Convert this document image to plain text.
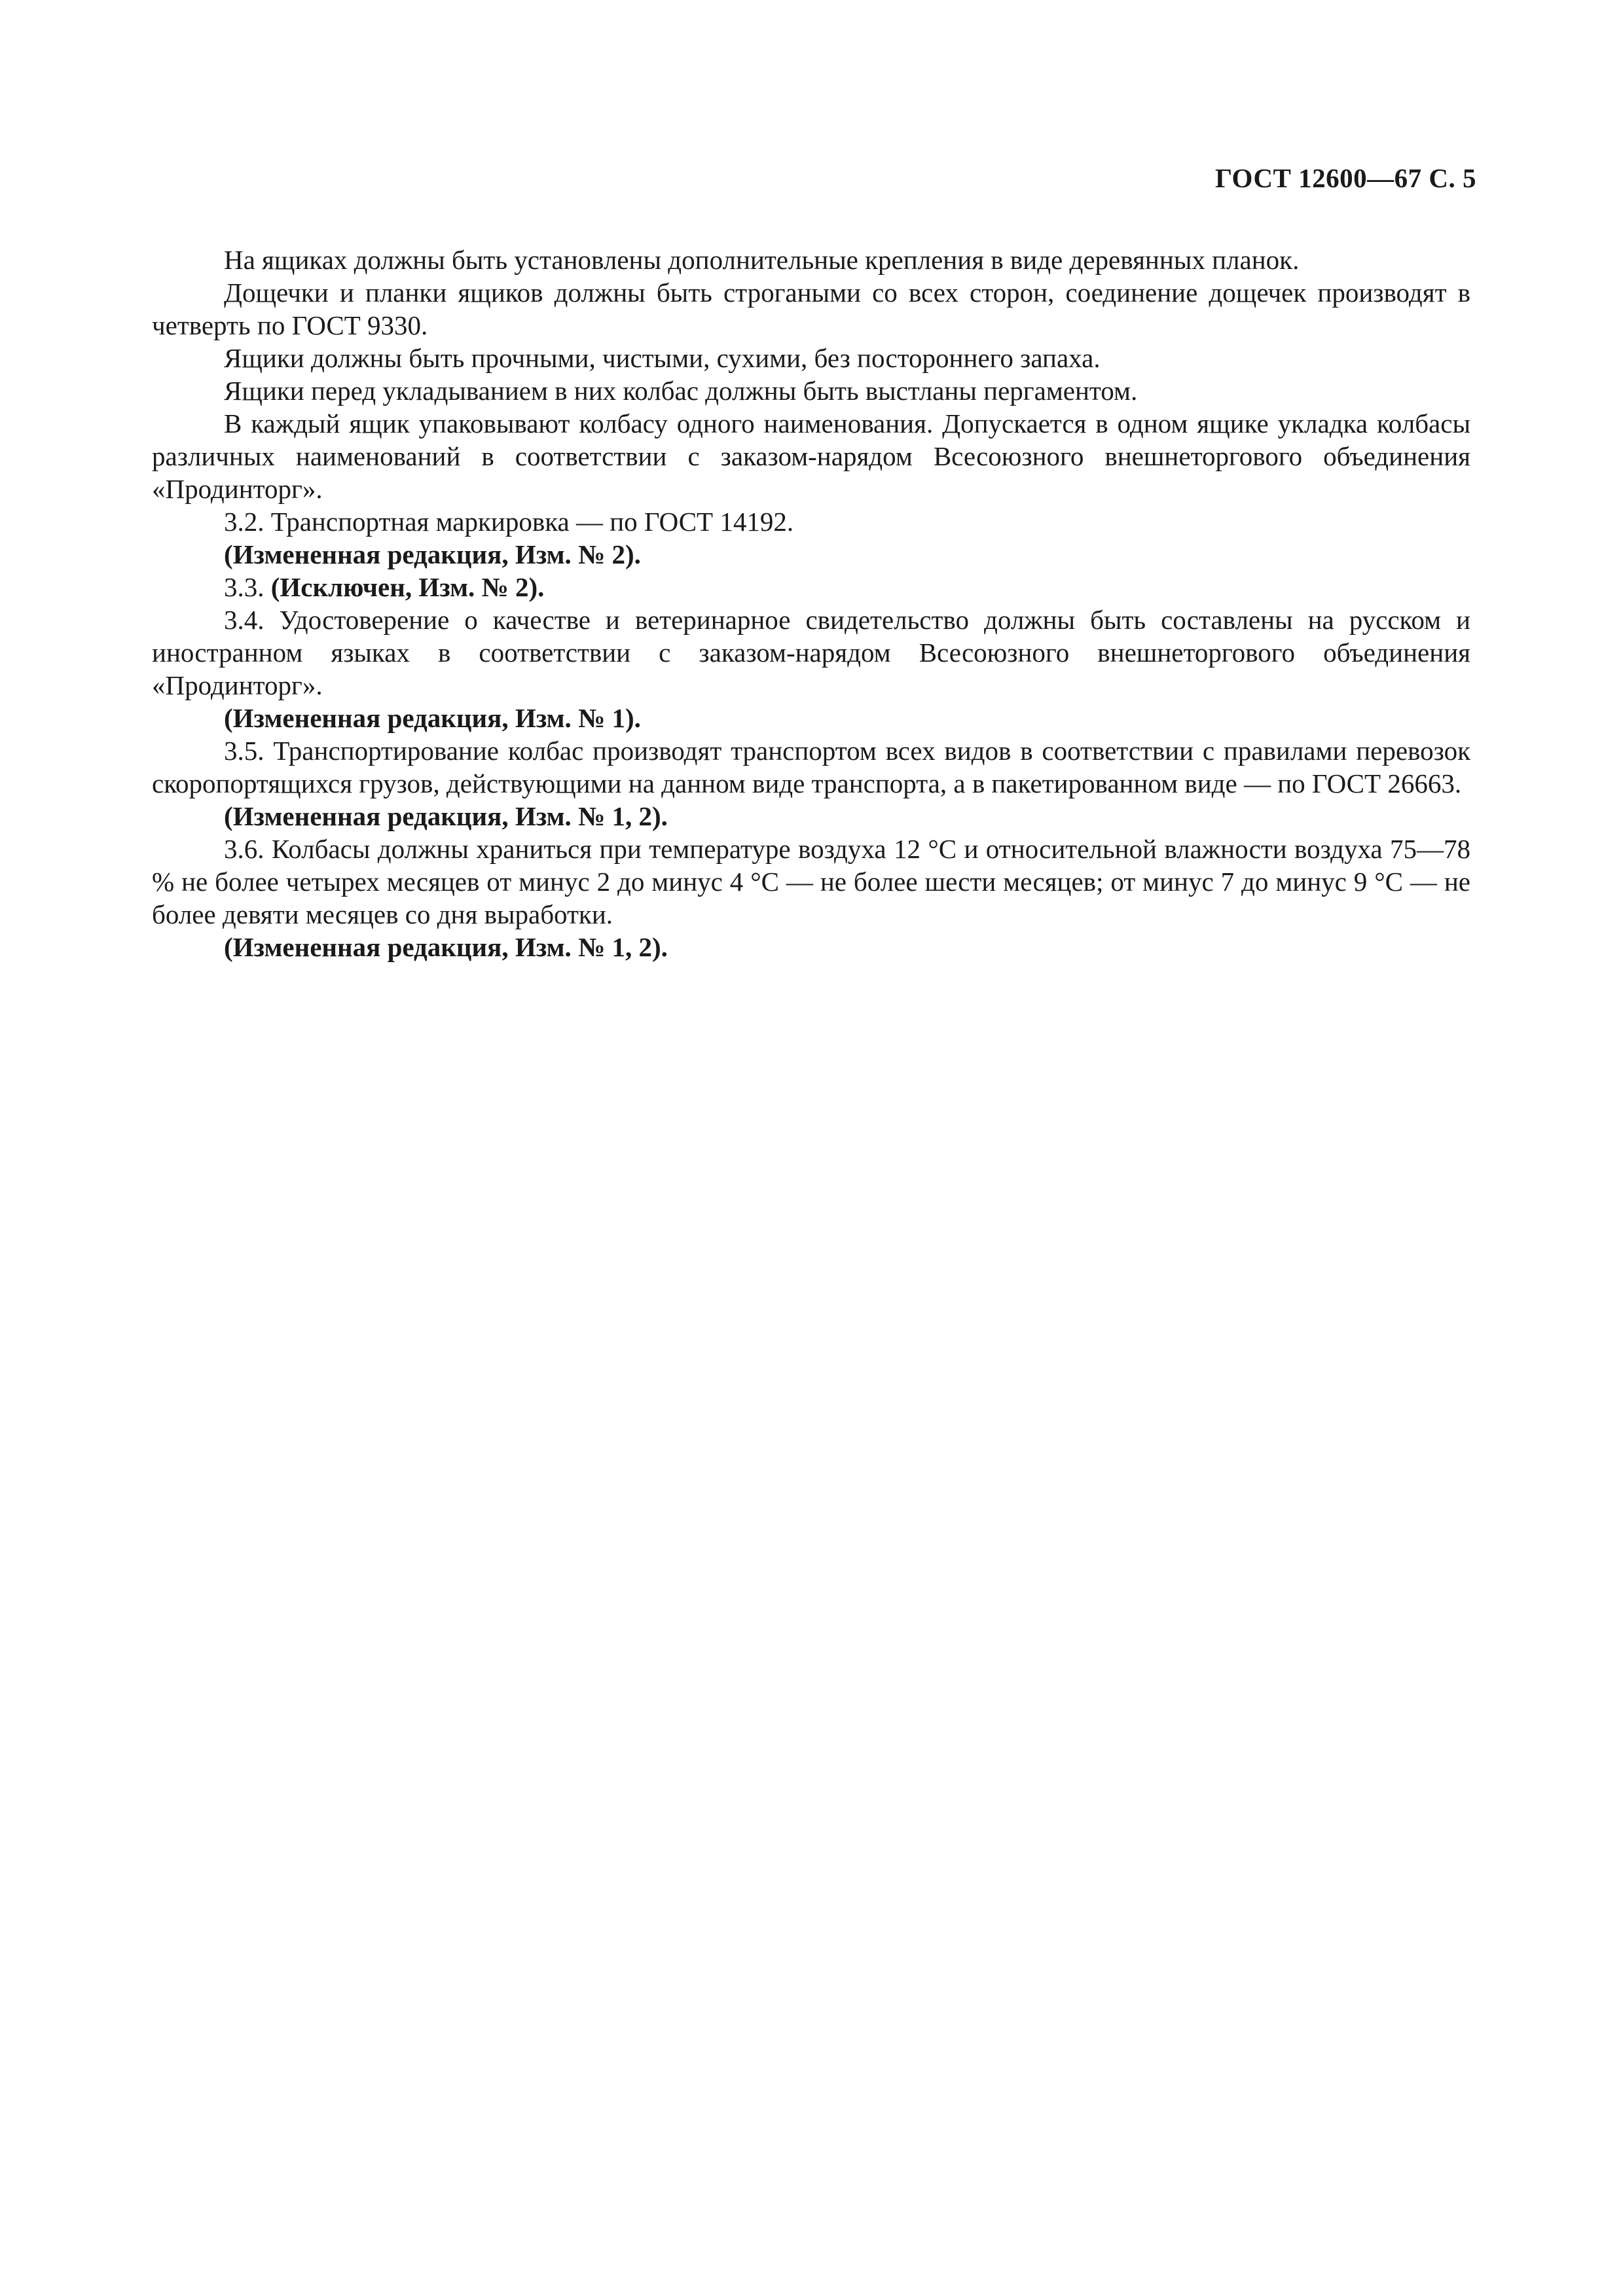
ГОСТ 12600—67 С. 5

На ящиках должны быть установлены дополнительные крепления в виде деревянных планок.

Дощечки и планки ящиков должны быть строгаными со всех сторон, соединение дощечек производят в четверть по ГОСТ 9330.

Ящики должны быть прочными, чистыми, сухими, без постороннего запаха.

Ящики перед укладыванием в них колбас должны быть выстланы пергаментом.

В каждый ящик упаковывают колбасу одного наименования. Допускается в одном ящике укладка колбасы различных наименований в соответствии с заказом-нарядом Всесоюзного внешнеторгового объединения «Продинторг».

3.2. Транспортная маркировка — по ГОСТ 14192.

(Измененная редакция, Изм. № 2).

3.3. (Исключен, Изм. № 2).

3.4. Удостоверение о качестве и ветеринарное свидетельство должны быть составлены на русском и иностранном языках в соответствии с заказом-нарядом Всесоюзного внешнеторгового объединения «Продинторг».

(Измененная редакция, Изм. № 1).

3.5. Транспортирование колбас производят транспортом всех видов в соответствии с правилами перевозок скоропортящихся грузов, действующими на данном виде транспорта, а в пакетированном виде — по ГОСТ 26663.

(Измененная редакция, Изм. № 1, 2).

3.6. Колбасы должны храниться при температуре воздуха 12 °С и относительной влажности воздуха 75—78 % не более четырех месяцев от минус 2 до минус 4 °С — не более шести месяцев; от минус 7 до минус 9 °С — не более девяти месяцев со дня выработки.

(Измененная редакция, Изм. № 1, 2).
